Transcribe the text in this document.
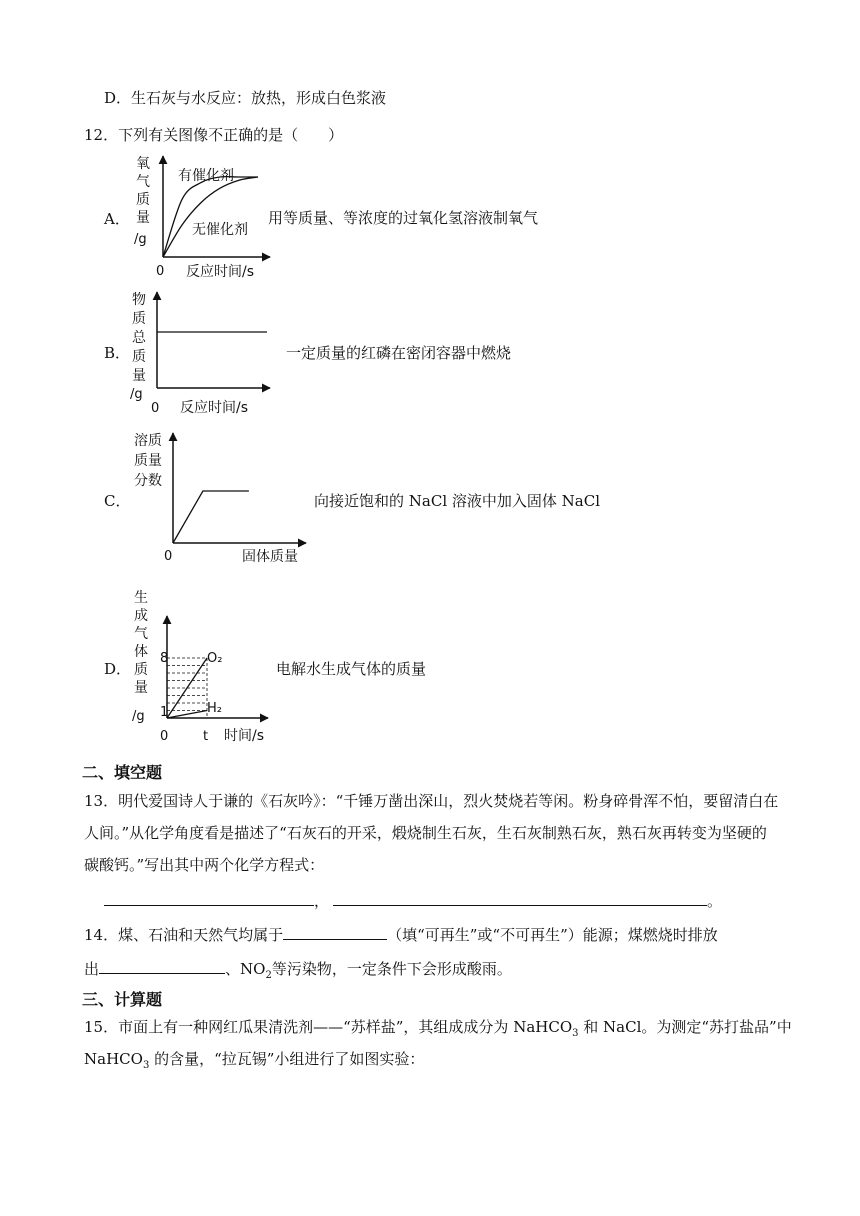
D．生石灰与水反应：放热，形成白色浆液
12．下列有关图像不正确的是（　　）
A．	用等质量、等浓度的过氧化氢溶液制氧气
氧
气
质
量
/g
0 反应时间/s
有催化剂
无催化剂
B．	一定质量的红磷在密闭容器中燃烧
物
质
总
质
量
/g
0 反应时间/s
C．	向接近饱和的 NaCl 溶液中加入固体 NaCl
溶质
质量
分数
0	固体质量
D．	电解水生成气体的质量
生
成
气
体
质
量
/g
8
1
0	t 时间/s
O₂
H₂
二、填空题
13．明代爱国诗人于谦的《石灰吟》：“千锤万凿出深山，烈火焚烧若等闲。粉身碎骨浑不怕，要留清白在
人间。”从化学角度看是描述了“石灰石的开采，煅烧制生石灰，生石灰制熟石灰，熟石灰再转变为坚硬的
碳酸钙。”写出其中两个化学方程式：
，	。
14．煤、石油和天然气均属于	（填“可再生”或“不可再生”）能源；煤燃烧时排放
出	、$NO_2$等污染物，一定条件下会形成酸雨。
三、计算题
15．市面上有一种网红瓜果清洗剂——“苏样盐”，其组成成分为 NaHCO$_3$ 和 NaCl。为测定“苏打盐品”中
NaHCO$_3$ 的含量，“拉瓦锡”小组进行了如图实验：
